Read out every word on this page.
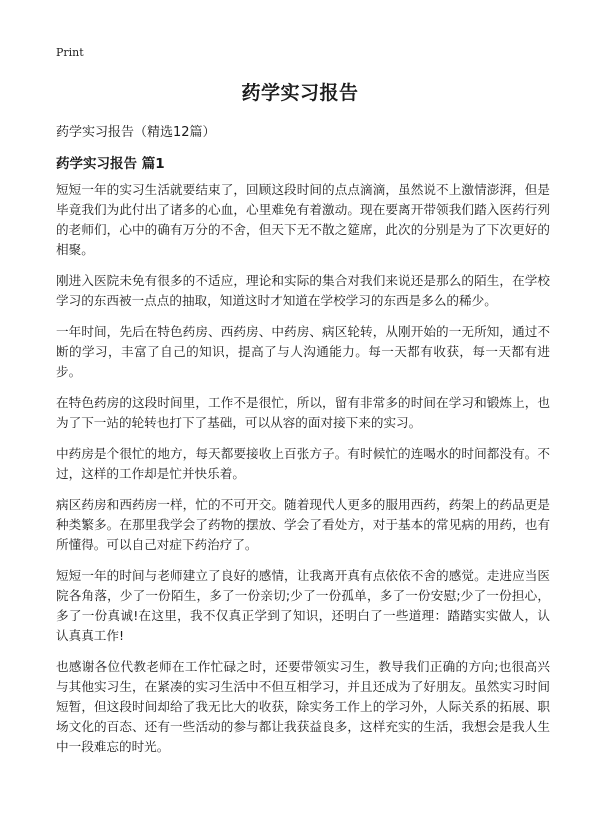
Print
药学实习报告

药学实习报告（精选12篇）

药学实习报告 篇1

短短一年的实习生活就要结束了，回顾这段时间的点点滴滴，虽然说不上激情澎湃，但是毕竟我们为此付出了诸多的心血，心里难免有着激动。现在要离开带领我们踏入医药行列的老师们，心中的确有万分的不舍，但天下无不散之筵席，此次的分别是为了下次更好的相聚。

刚进入医院未免有很多的不适应，理论和实际的集合对我们来说还是那么的陌生，在学校学习的东西被一点点的抽取，知道这时才知道在学校学习的东西是多么的稀少。

一年时间，先后在特色药房、西药房、中药房、病区轮转，从刚开始的一无所知，通过不断的学习，丰富了自己的知识，提高了与人沟通能力。每一天都有收获，每一天都有进步。

在特色药房的这段时间里，工作不是很忙，所以，留有非常多的时间在学习和锻炼上，也为了下一站的轮转也打下了基础，可以从容的面对接下来的实习。

中药房是个很忙的地方，每天都要接收上百张方子。有时候忙的连喝水的时间都没有。不过，这样的工作却是忙并快乐着。

病区药房和西药房一样，忙的不可开交。随着现代人更多的服用西药，药架上的药品更是种类繁多。在那里我学会了药物的摆放、学会了看处方，对于基本的常见病的用药，也有所懂得。可以自己对症下药治疗了。

短短一年的时间与老师建立了良好的感情，让我离开真有点依依不舍的感觉。走进应当医院各角落，少了一份陌生，多了一份亲切;少了一份孤单，多了一份安慰;少了一份担心，多了一份真诚!在这里，我不仅真正学到了知识，还明白了一些道理：踏踏实实做人，认认真真工作!

也感谢各位代教老师在工作忙碌之时，还要带领实习生，教导我们正确的方向;也很高兴与其他实习生，在紧凑的实习生活中不但互相学习，并且还成为了好朋友。虽然实习时间短暂，但这段时间却给了我无比大的收获，除实务工作上的学习外，人际关系的拓展、职场文化的百态、还有一些活动的参与都让我获益良多，这样充实的生活，我想会是我人生中一段难忘的时光。
